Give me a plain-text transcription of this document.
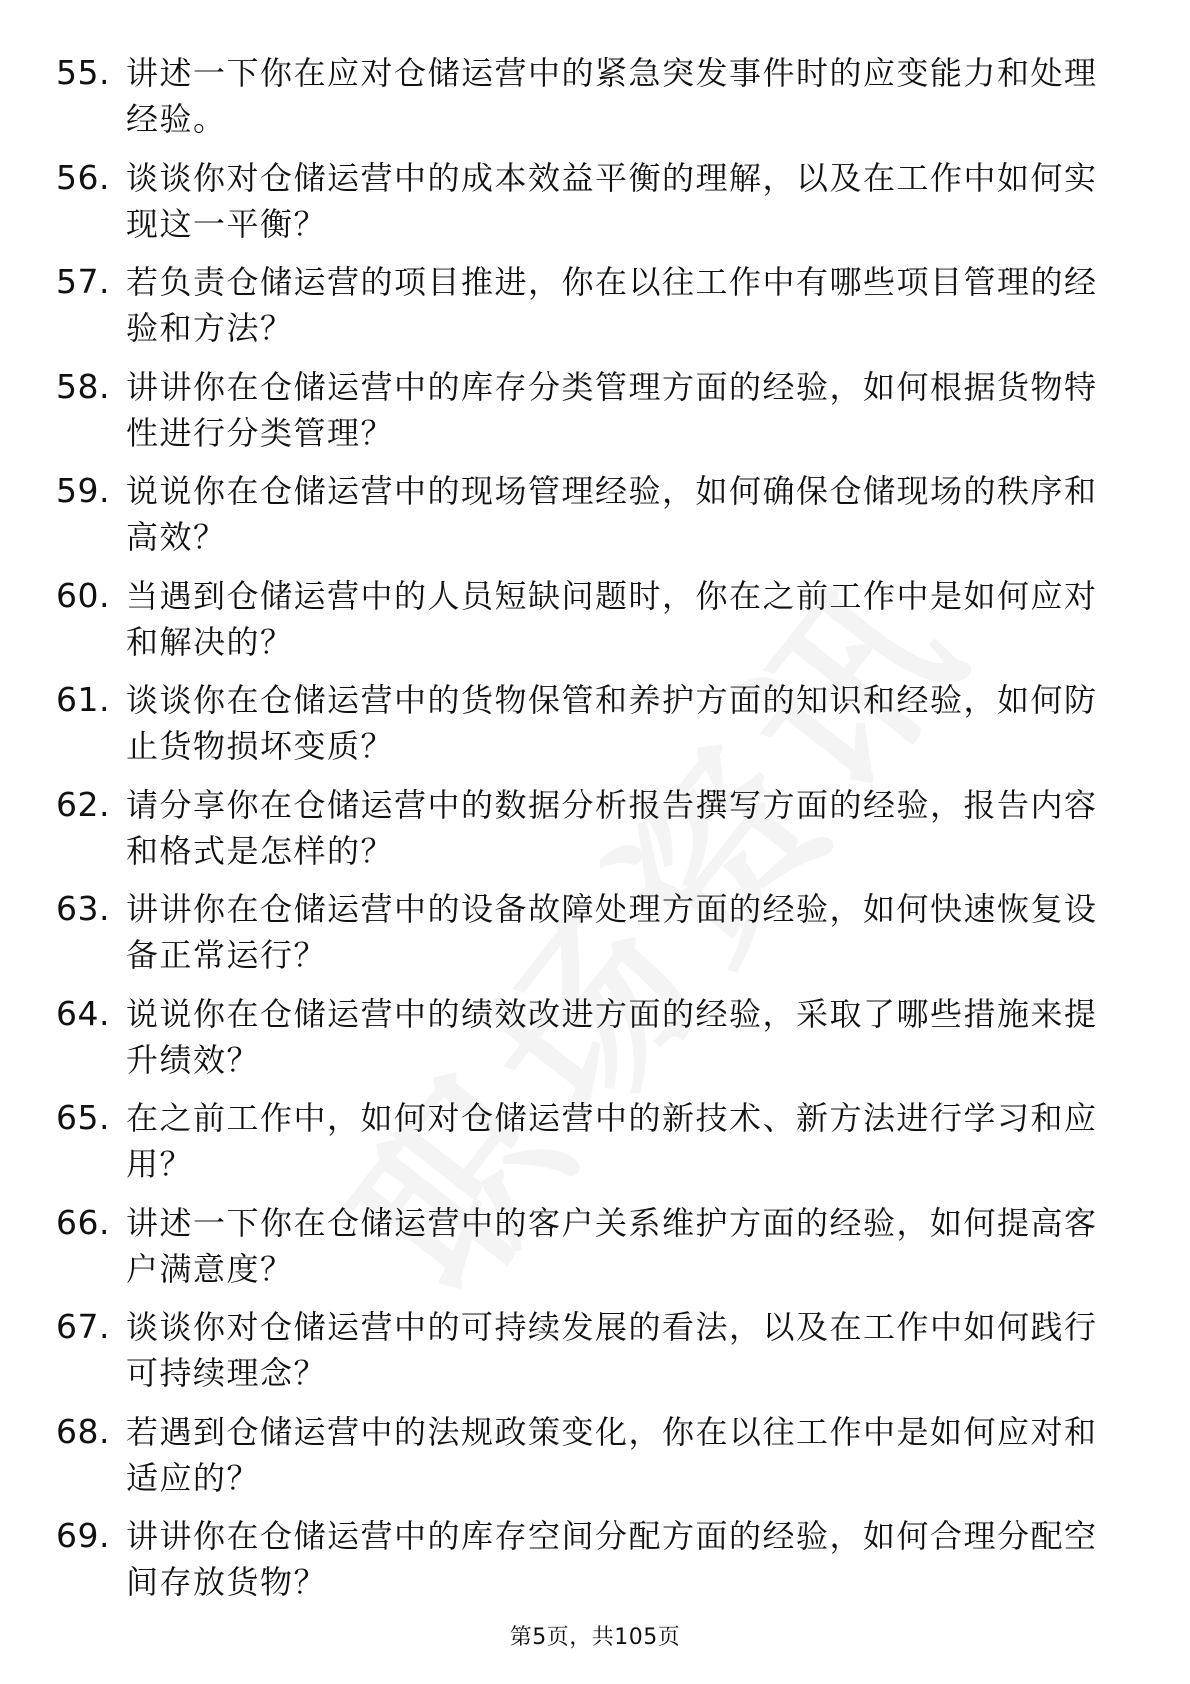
55. 讲述一下你在应对仓储运营中的紧急突发事件时的应变能力和处理经验。
56. 谈谈你对仓储运营中的成本效益平衡的理解，以及在工作中如何实现这一平衡？
57. 若负责仓储运营的项目推进，你在以往工作中有哪些项目管理的经验和方法？
58. 讲讲你在仓储运营中的库存分类管理方面的经验，如何根据货物特性进行分类管理？
59. 说说你在仓储运营中的现场管理经验，如何确保仓储现场的秩序和高效？
60. 当遇到仓储运营中的人员短缺问题时，你在之前工作中是如何应对和解决的？
61. 谈谈你在仓储运营中的货物保管和养护方面的知识和经验，如何防止货物损坏变质？
62. 请分享你在仓储运营中的数据分析报告撰写方面的经验，报告内容和格式是怎样的？
63. 讲讲你在仓储运营中的设备故障处理方面的经验，如何快速恢复设备正常运行？
64. 说说你在仓储运营中的绩效改进方面的经验，采取了哪些措施来提升绩效？
65. 在之前工作中，如何对仓储运营中的新技术、新方法进行学习和应用？
66. 讲述一下你在仓储运营中的客户关系维护方面的经验，如何提高客户满意度？
67. 谈谈你对仓储运营中的可持续发展的看法，以及在工作中如何践行可持续理念？
68. 若遇到仓储运营中的法规政策变化，你在以往工作中是如何应对和适应的？
69. 讲讲你在仓储运营中的库存空间分配方面的经验，如何合理分配空间存放货物？
第5页，共105页
